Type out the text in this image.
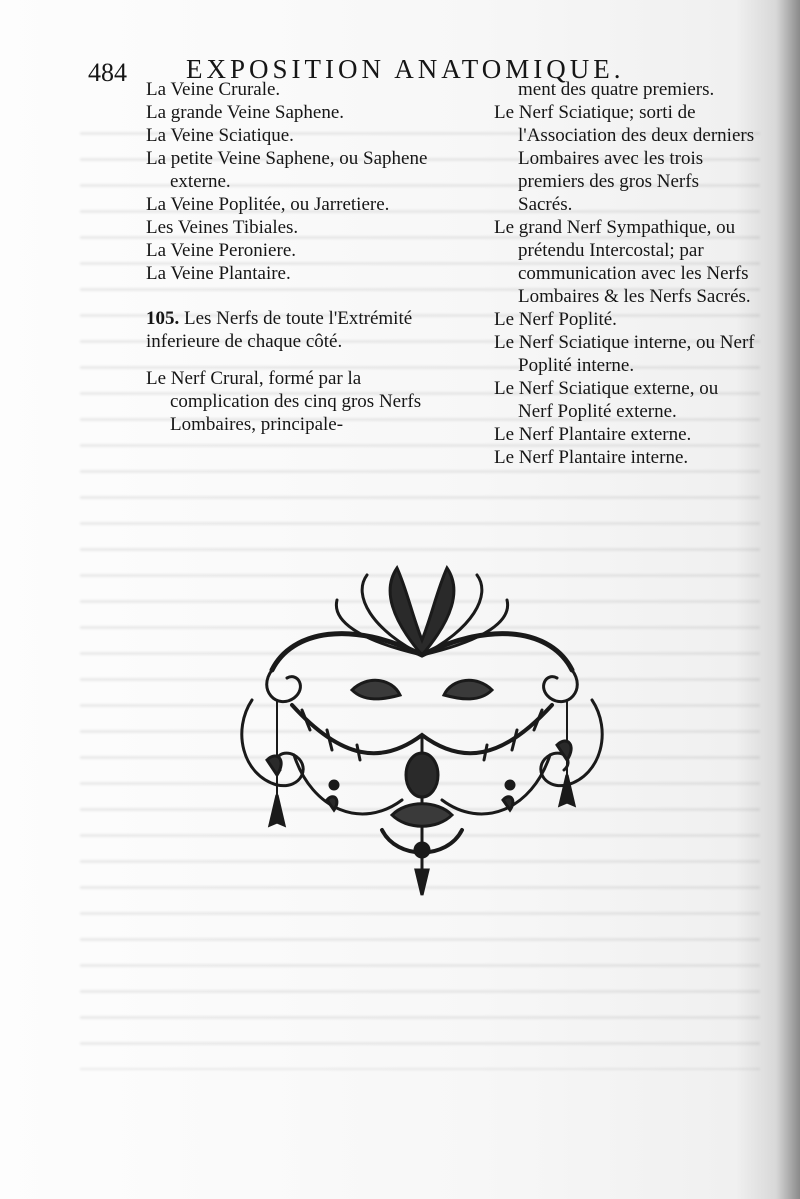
484 EXPOSITION ANATOMIQUE.

La Veine Crurale.

La grande Veine Saphene.

La Veine Sciatique.

La petite Veine Saphene, ou Saphene externe.

La Veine Poplitée, ou Jarretiere.

Les Veines Tibiales.

La Veine Peroniere.

La Veine Plantaire.

105. Les Nerfs de toute l'Extrémité inferieure de chaque côté.

Le Nerf Crural, formé par la complication des cinq gros Nerfs Lombaires, principale-

ment des quatre premiers.

Le Nerf Sciatique; sorti de l'Association des deux derniers Lombaires avec les trois premiers des gros Nerfs Sacrés.

Le grand Nerf Sympathique, ou prétendu Intercostal; par communication avec les Nerfs Lombaires & les Nerfs Sacrés.

Le Nerf Poplité.

Le Nerf Sciatique interne, ou Nerf Poplité interne.

Le Nerf Sciatique externe, ou Nerf Poplité externe.

Le Nerf Plantaire externe.

Le Nerf Plantaire interne.
